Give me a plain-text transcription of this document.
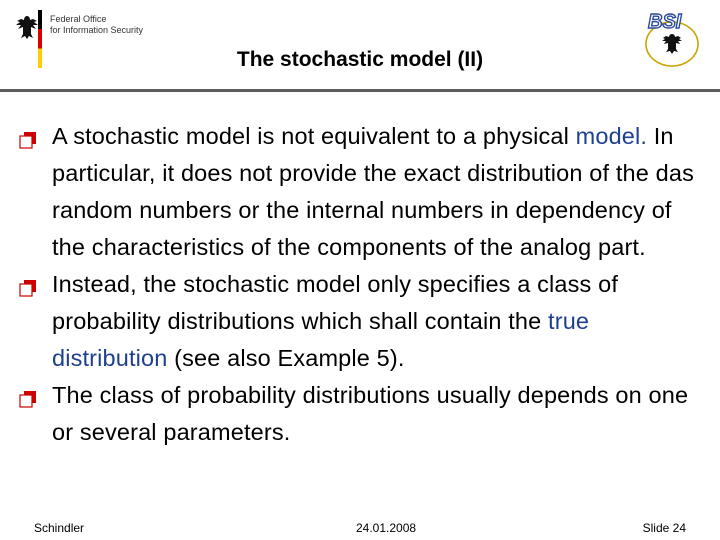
Federal Office
for Information Security	BSI
The stochastic model (II)
A stochastic model is not equivalent to a physical model. In particular, it does not provide the exact distribution of the das random numbers or the internal numbers in dependency of the characteristics of the components of the analog part.
Instead, the stochastic model only specifies a class of probability distributions which shall contain the true distribution (see also Example 5).
The class of probability distributions usually depends on one or several parameters.
Schindler	24.01.2008	Slide 24
